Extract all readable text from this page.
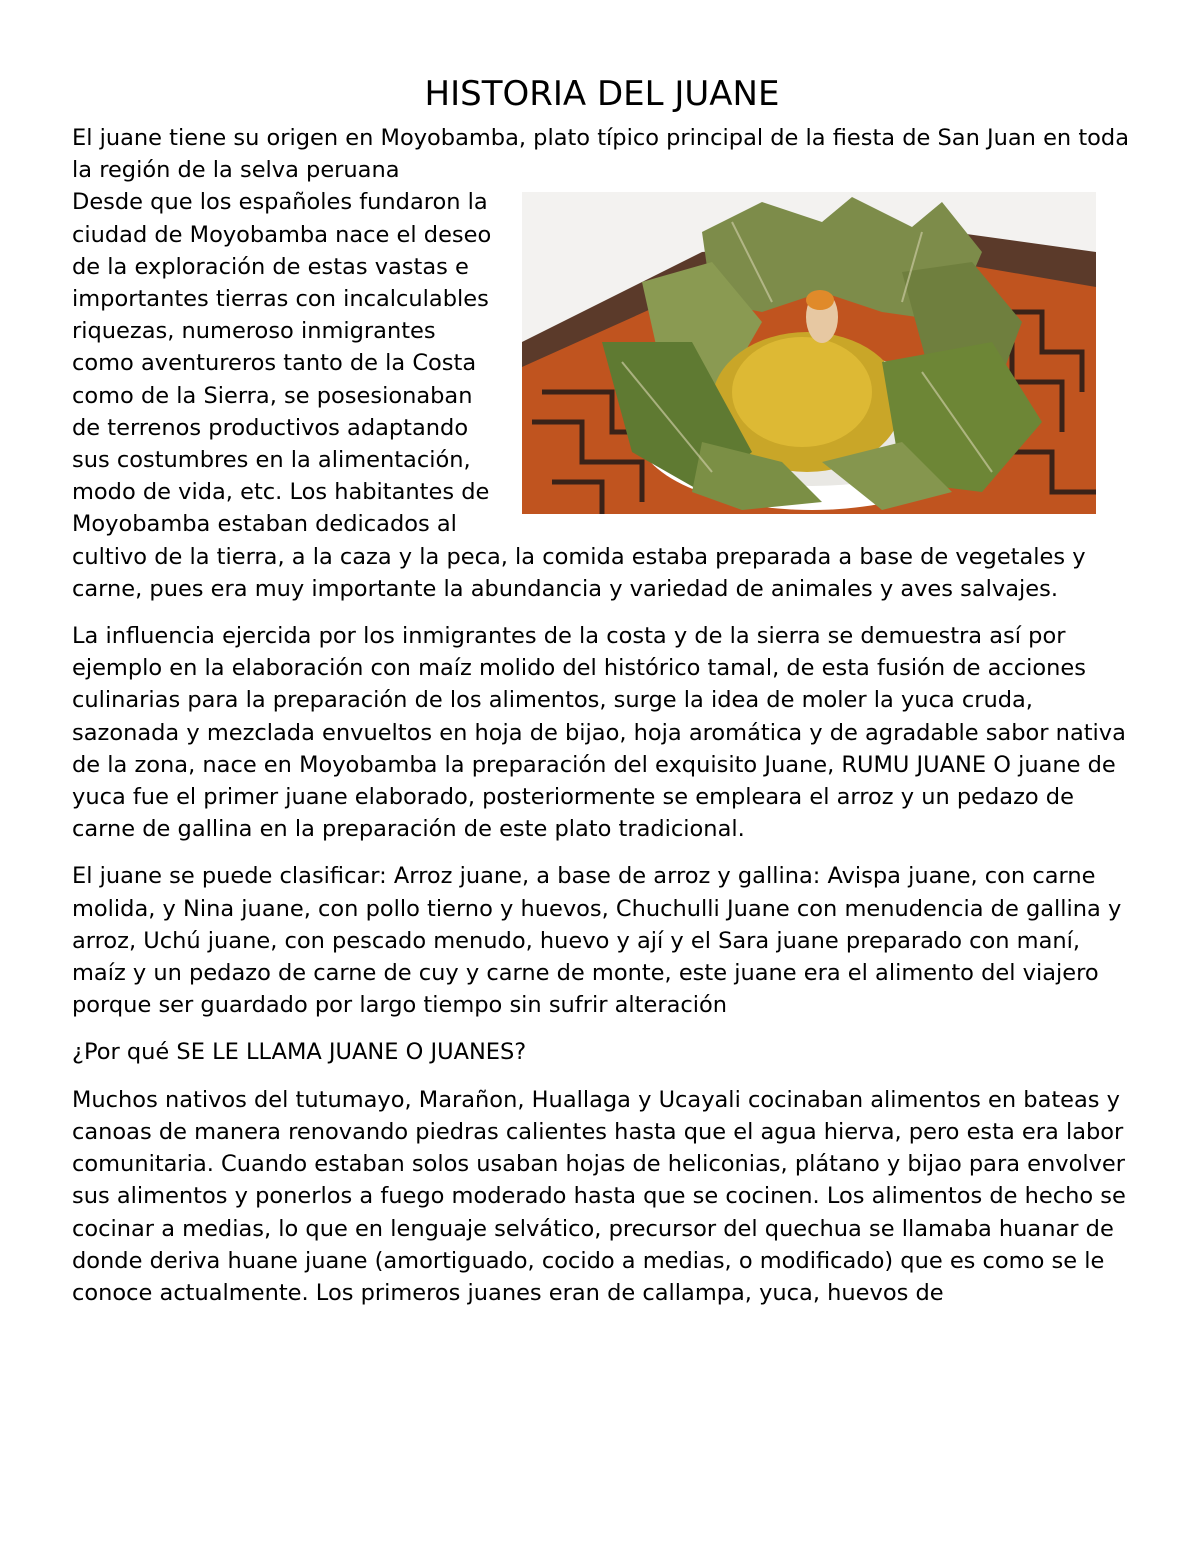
HISTORIA DEL JUANE

El juane tiene su origen en Moyobamba, plato típico principal de la fiesta de San Juan en toda la región de la selva peruana

Desde que los españoles fundaron la ciudad de Moyobamba nace el deseo de la exploración de estas vastas e importantes tierras con incalculables riquezas, numeroso inmigrantes como aventureros tanto de la Costa como de la Sierra, se posesionaban de terrenos productivos adaptando sus costumbres en la alimentación, modo de vida, etc. Los habitantes de Moyobamba estaban dedicados al cultivo de la tierra, a la caza y la peca, la comida estaba preparada a base de vegetales y carne, pues era muy importante la abundancia y variedad de animales y aves salvajes.

La influencia ejercida por los inmigrantes de la costa y de la sierra se demuestra así por ejemplo en la elaboración con maíz molido del histórico tamal, de esta fusión de acciones culinarias para la preparación de los alimentos, surge la idea de moler la yuca cruda, sazonada y mezclada envueltos en hoja de bijao, hoja aromática y de agradable sabor nativa de la zona, nace en Moyobamba la preparación del exquisito Juane, RUMU JUANE O juane de yuca fue el primer juane elaborado, posteriormente se empleara el arroz y un pedazo de carne de gallina en la preparación de este plato tradicional.

El juane se puede clasificar: Arroz juane, a base de arroz y gallina: Avispa juane, con carne molida, y Nina juane, con pollo tierno y huevos, Chuchulli Juane con menudencia de gallina y arroz, Uchú juane, con pescado menudo, huevo y ají y el Sara juane preparado con maní, maíz y un pedazo de carne de cuy y carne de monte, este juane era el alimento del viajero porque ser guardado por largo tiempo sin sufrir alteración

¿Por qué SE LE LLAMA JUANE O JUANES?

Muchos nativos del tutumayo, Marañon, Huallaga y Ucayali cocinaban alimentos en bateas y canoas de manera renovando piedras calientes hasta que el agua hierva, pero esta era labor comunitaria. Cuando estaban solos usaban hojas de heliconias, plátano y bijao para envolver sus alimentos y ponerlos a fuego moderado hasta que se cocinen. Los alimentos de hecho se cocinar a medias, lo que en lenguaje selvático, precursor del quechua se llamaba huanar de donde deriva huane juane (amortiguado, cocido a medias, o modificado) que es como se le conoce actualmente. Los primeros juanes eran de callampa, yuca, huevos de
